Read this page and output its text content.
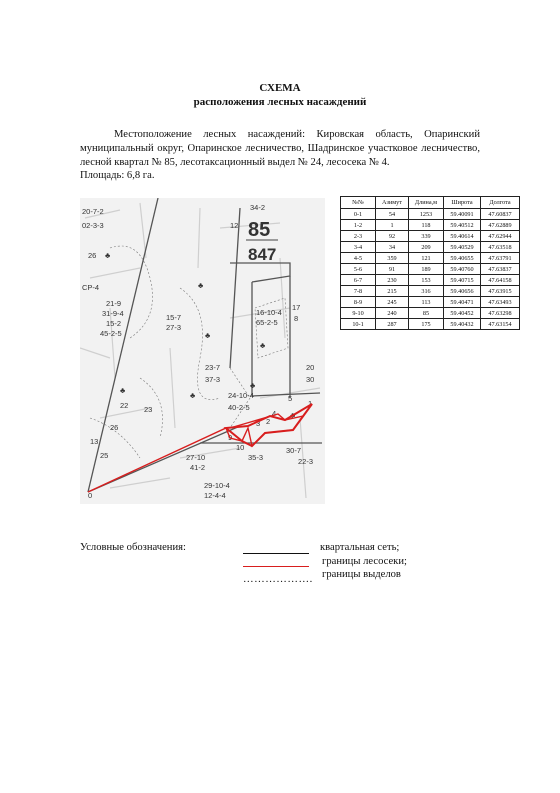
СХЕМА
расположения лесных насаждений
Местоположение лесных насаждений: Кировская область, Опаринский муниципальный округ, Опаринское лесничество, Шадринское участковое лесничество, лесной квартал № 85, лесотаксационный выдел № 24, лесосека № 4.
Площадь: 6,8 га.
♣
♣
♣
♣
♣
♣
♣
♣
85
847
20-7-2
02-3-3
34-2
12
26
21-9
31-9-4
15-2
45-2-5
15-7
27-3
16-10-4
65-2-5
17
8
23-7
37-3
24-10-4
40-2-5
20
30
22 23
13
25
26
27-10
41-2
29-10-4
12-4-4
30-7
22-3
35-3
10
9
3
5
1
2
4
0
CP-4
№№	Азимут	Длина,м	Широта	Долгота
0-1	54	1253	59.40091	47.60837
1-2	1	118	59.40512	47.62889
2-3	92	339	59.40614	47.62944
3-4	34	209	59.40529	47.63518
4-5	359	121	59.40655	47.63791
5-6	91	189	59.40760	47.63837
6-7	230	153	59.40715	47.64158
7-8	215	316	59.40656	47.63915
8-9	245	113	59.40471	47.63493
9-10	240	85	59.40452	47.63298
10-1	287	175	59.40432	47.63154
Условные обозначения:	квартальная сеть;
границы лесосеки;
………………. границы выделов
